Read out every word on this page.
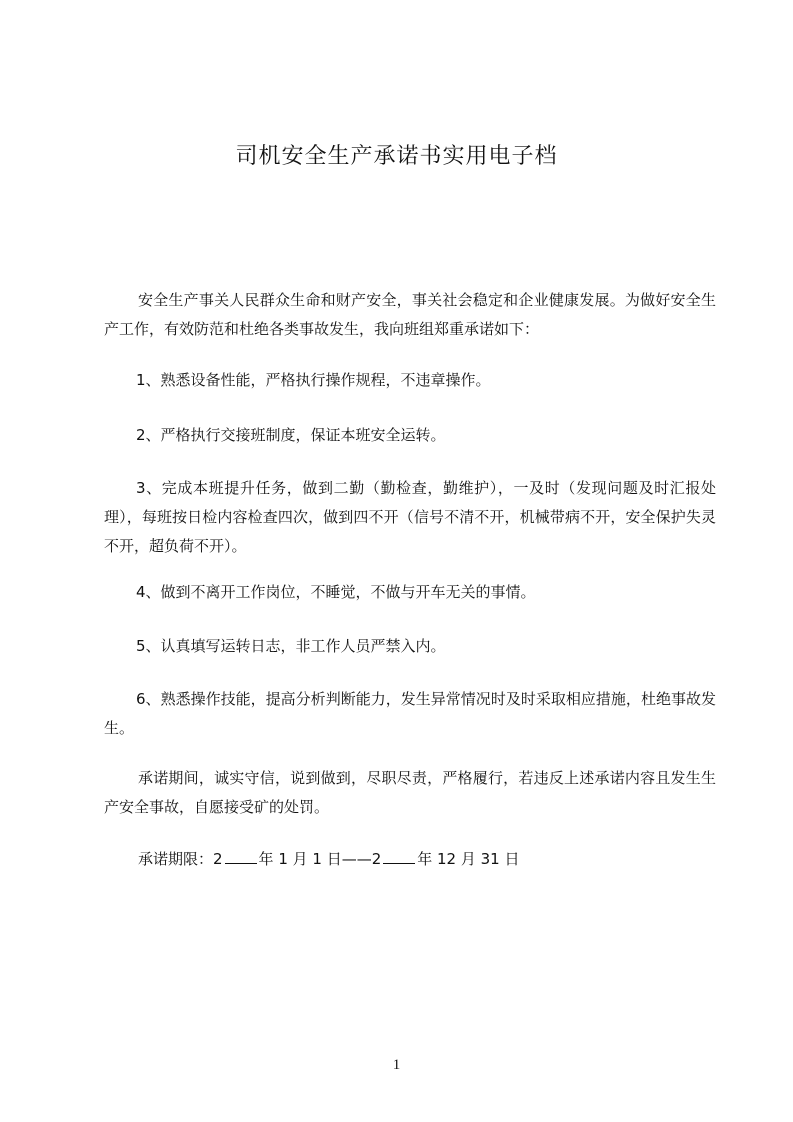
司机安全生产承诺书实用电子档

安全生产事关人民群众生命和财产安全，事关社会稳定和企业健康发展。为做好安全生产工作，有效防范和杜绝各类事故发生，我向班组郑重承诺如下：

1、熟悉设备性能，严格执行操作规程，不违章操作。

2、严格执行交接班制度，保证本班安全运转。

3、完成本班提升任务，做到二勤（勤检查，勤维护），一及时（发现问题及时汇报处理），每班按日检内容检查四次，做到四不开（信号不清不开，机械带病不开，安全保护失灵不开，超负荷不开）。

4、做到不离开工作岗位，不睡觉，不做与开车无关的事情。

5、认真填写运转日志，非工作人员严禁入内。

6、熟悉操作技能，提高分析判断能力，发生异常情况时及时采取相应措施，杜绝事故发生。

承诺期间，诚实守信，说到做到，尽职尽责，严格履行，若违反上述承诺内容且发生生产安全事故，自愿接受矿的处罚。

承诺期限：2 年 1 月 1 日——2 年 12 月 31 日

1
